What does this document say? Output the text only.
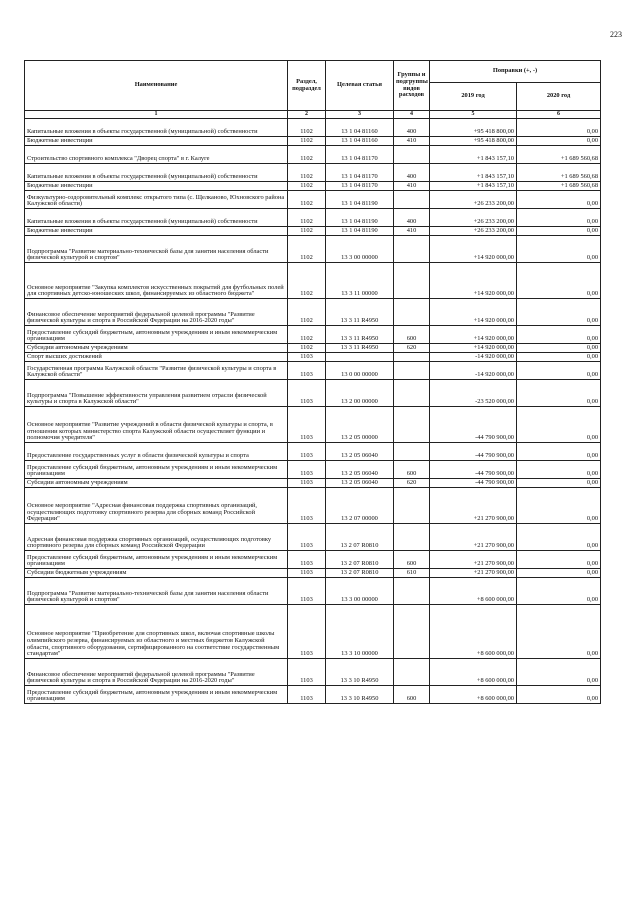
223
Наименование	Раздел, подраздел	Целевая статья	Группы и подгруппы видов расходов	Поправки (+, -)	
				2019 год	2020 год
1	2	3	4	5	6
Капитальные вложения в объекты государственной (муниципальной) собственности	1102	13 1 04 81160	400	+95 418 800,00	0,00
Бюджетные инвестиции	1102	13 1 04 81160	410	+95 418 800,00	0,00
Строительство спортивного комплекса "Дворец спорта" в г. Калуге	1102	13 1 04 81170		+1 843 157,10	+1 689 560,68
Капитальные вложения в объекты государственной (муниципальной) собственности	1102	13 1 04 81170	400	+1 843 157,10	+1 689 560,68
Бюджетные инвестиции	1102	13 1 04 81170	410	+1 843 157,10	+1 689 560,68
Физкультурно-оздоровительный комплекс открытого типа (с. Щелканово, Юхновского района Калужской области)	1102	13 1 04 81190		+26 233 200,00	0,00
Капитальные вложения в объекты государственной (муниципальной) собственности	1102	13 1 04 81190	400	+26 233 200,00	0,00
Бюджетные инвестиции	1102	13 1 04 81190	410	+26 233 200,00	0,00
Подпрограмма "Развитие материально-технической базы для занятия населения области физической культурой и спортом"	1102	13 3 00 00000		+14 920 000,00	0,00
Основное мероприятие "Закупка комплектов искусственных покрытий для футбольных полей для спортивных детско-юношеских школ, финансируемых из областного бюджета"	1102	13 3 11 00000		+14 920 000,00	0,00
Финансовое обеспечение мероприятий федеральной целевой программы "Развитие физической культуры и спорта в Российской Федерации на 2016-2020 годы"	1102	13 3 11 R4950		+14 920 000,00	0,00
Предоставление субсидий бюджетным, автономным учреждениям и иным некоммерческим организациям	1102	13 3 11 R4950	600	+14 920 000,00	0,00
Субсидии автономным учреждениям	1102	13 3 11 R4950	620	+14 920 000,00	0,00
Спорт высших достижений	1103			-14 920 000,00	0,00
Государственная программа Калужской области "Развитие физической культуры и спорта в Калужской области"	1103	13 0 00 00000		-14 920 000,00	0,00
Подпрограмма "Повышение эффективности управления развитием отрасли физической культуры и спорта в Калужской области"	1103	13 2 00 00000		-23 520 000,00	0,00
Основное мероприятие "Развитие учреждений в области физической культуры и спорта, в отношении которых министерство спорта Калужской области осуществляет функции и полномочия учредителя"	1103	13 2 05 00000		-44 790 900,00	0,00
Предоставление государственных услуг в области физической культуры и спорта	1103	13 2 05 06040		-44 790 900,00	0,00
Предоставление субсидий бюджетным, автономным учреждениям и иным некоммерческим организациям	1103	13 2 05 06040	600	-44 790 900,00	0,00
Субсидии автономным учреждениям	1103	13 2 05 06040	620	-44 790 900,00	0,00
Основное мероприятие "Адресная финансовая поддержка спортивных организаций, осуществляющих подготовку спортивного резерва для сборных команд Российской Федерации"	1103	13 2 07 00000		+21 270 900,00	0,00
Адресная финансовая поддержка спортивных организаций, осуществляющих подготовку спортивного резерва для сборных команд Российской Федерации	1103	13 2 07 R0810		+21 270 900,00	0,00
Предоставление субсидий бюджетным, автономным учреждениям и иным некоммерческим организациям	1103	13 2 07 R0810	600	+21 270 900,00	0,00
Субсидии бюджетным учреждениям	1103	13 2 07 R0810	610	+21 270 900,00	0,00
Подпрограмма "Развитие материально-технической базы для занятия населения области физической культурой и спортом"	1103	13 3 00 00000		+8 600 000,00	0,00
Основное мероприятие "Приобретение для спортивных школ, включая спортивные школы олимпийского резерва, финансируемых из областного и местных бюджетов Калужской области, спортивного оборудования, сертифицированного на соответствие государственным стандартам"	1103	13 3 10 00000		+8 600 000,00	0,00
Финансовое обеспечение мероприятий федеральной целевой программы "Развитие физической культуры и спорта в Российской Федерации на 2016-2020 годы"	1103	13 3 10 R4950		+8 600 000,00	0,00
Предоставление субсидий бюджетным, автономным учреждениям и иным некоммерческим организациям	1103	13 3 10 R4950	600	+8 600 000,00	0,00
